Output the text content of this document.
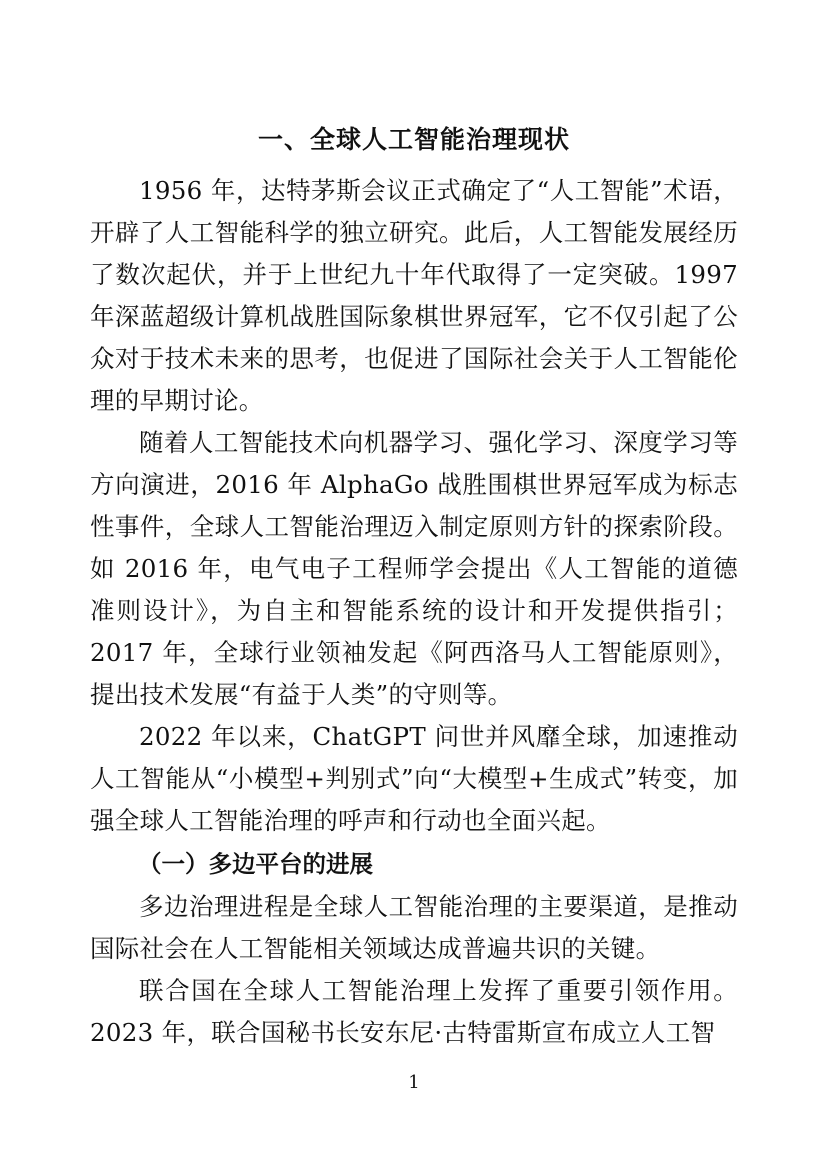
一、全球人工智能治理现状

1956 年，达特茅斯会议正式确定了“人工智能”术语，开辟了人工智能科学的独立研究。此后，人工智能发展经历了数次起伏，并于上世纪九十年代取得了一定突破。1997 年深蓝超级计算机战胜国际象棋世界冠军，它不仅引起了公众对于技术未来的思考，也促进了国际社会关于人工智能伦理的早期讨论。

随着人工智能技术向机器学习、强化学习、深度学习等方向演进，2016 年 AlphaGo 战胜围棋世界冠军成为标志性事件，全球人工智能治理迈入制定原则方针的探索阶段。如 2016 年，电气电子工程师学会提出《人工智能的道德准则设计》，为自主和智能系统的设计和开发提供指引；2017 年，全球行业领袖发起《阿西洛马人工智能原则》，提出技术发展“有益于人类”的守则等。

2022 年以来，ChatGPT 问世并风靡全球，加速推动人工智能从“小模型+判别式”向“大模型+生成式”转变，加强全球人工智能治理的呼声和行动也全面兴起。

（一）多边平台的进展

多边治理进程是全球人工智能治理的主要渠道，是推动国际社会在人工智能相关领域达成普遍共识的关键。

联合国在全球人工智能治理上发挥了重要引领作用。2023 年，联合国秘书长安东尼·古特雷斯宣布成立人工智

1
